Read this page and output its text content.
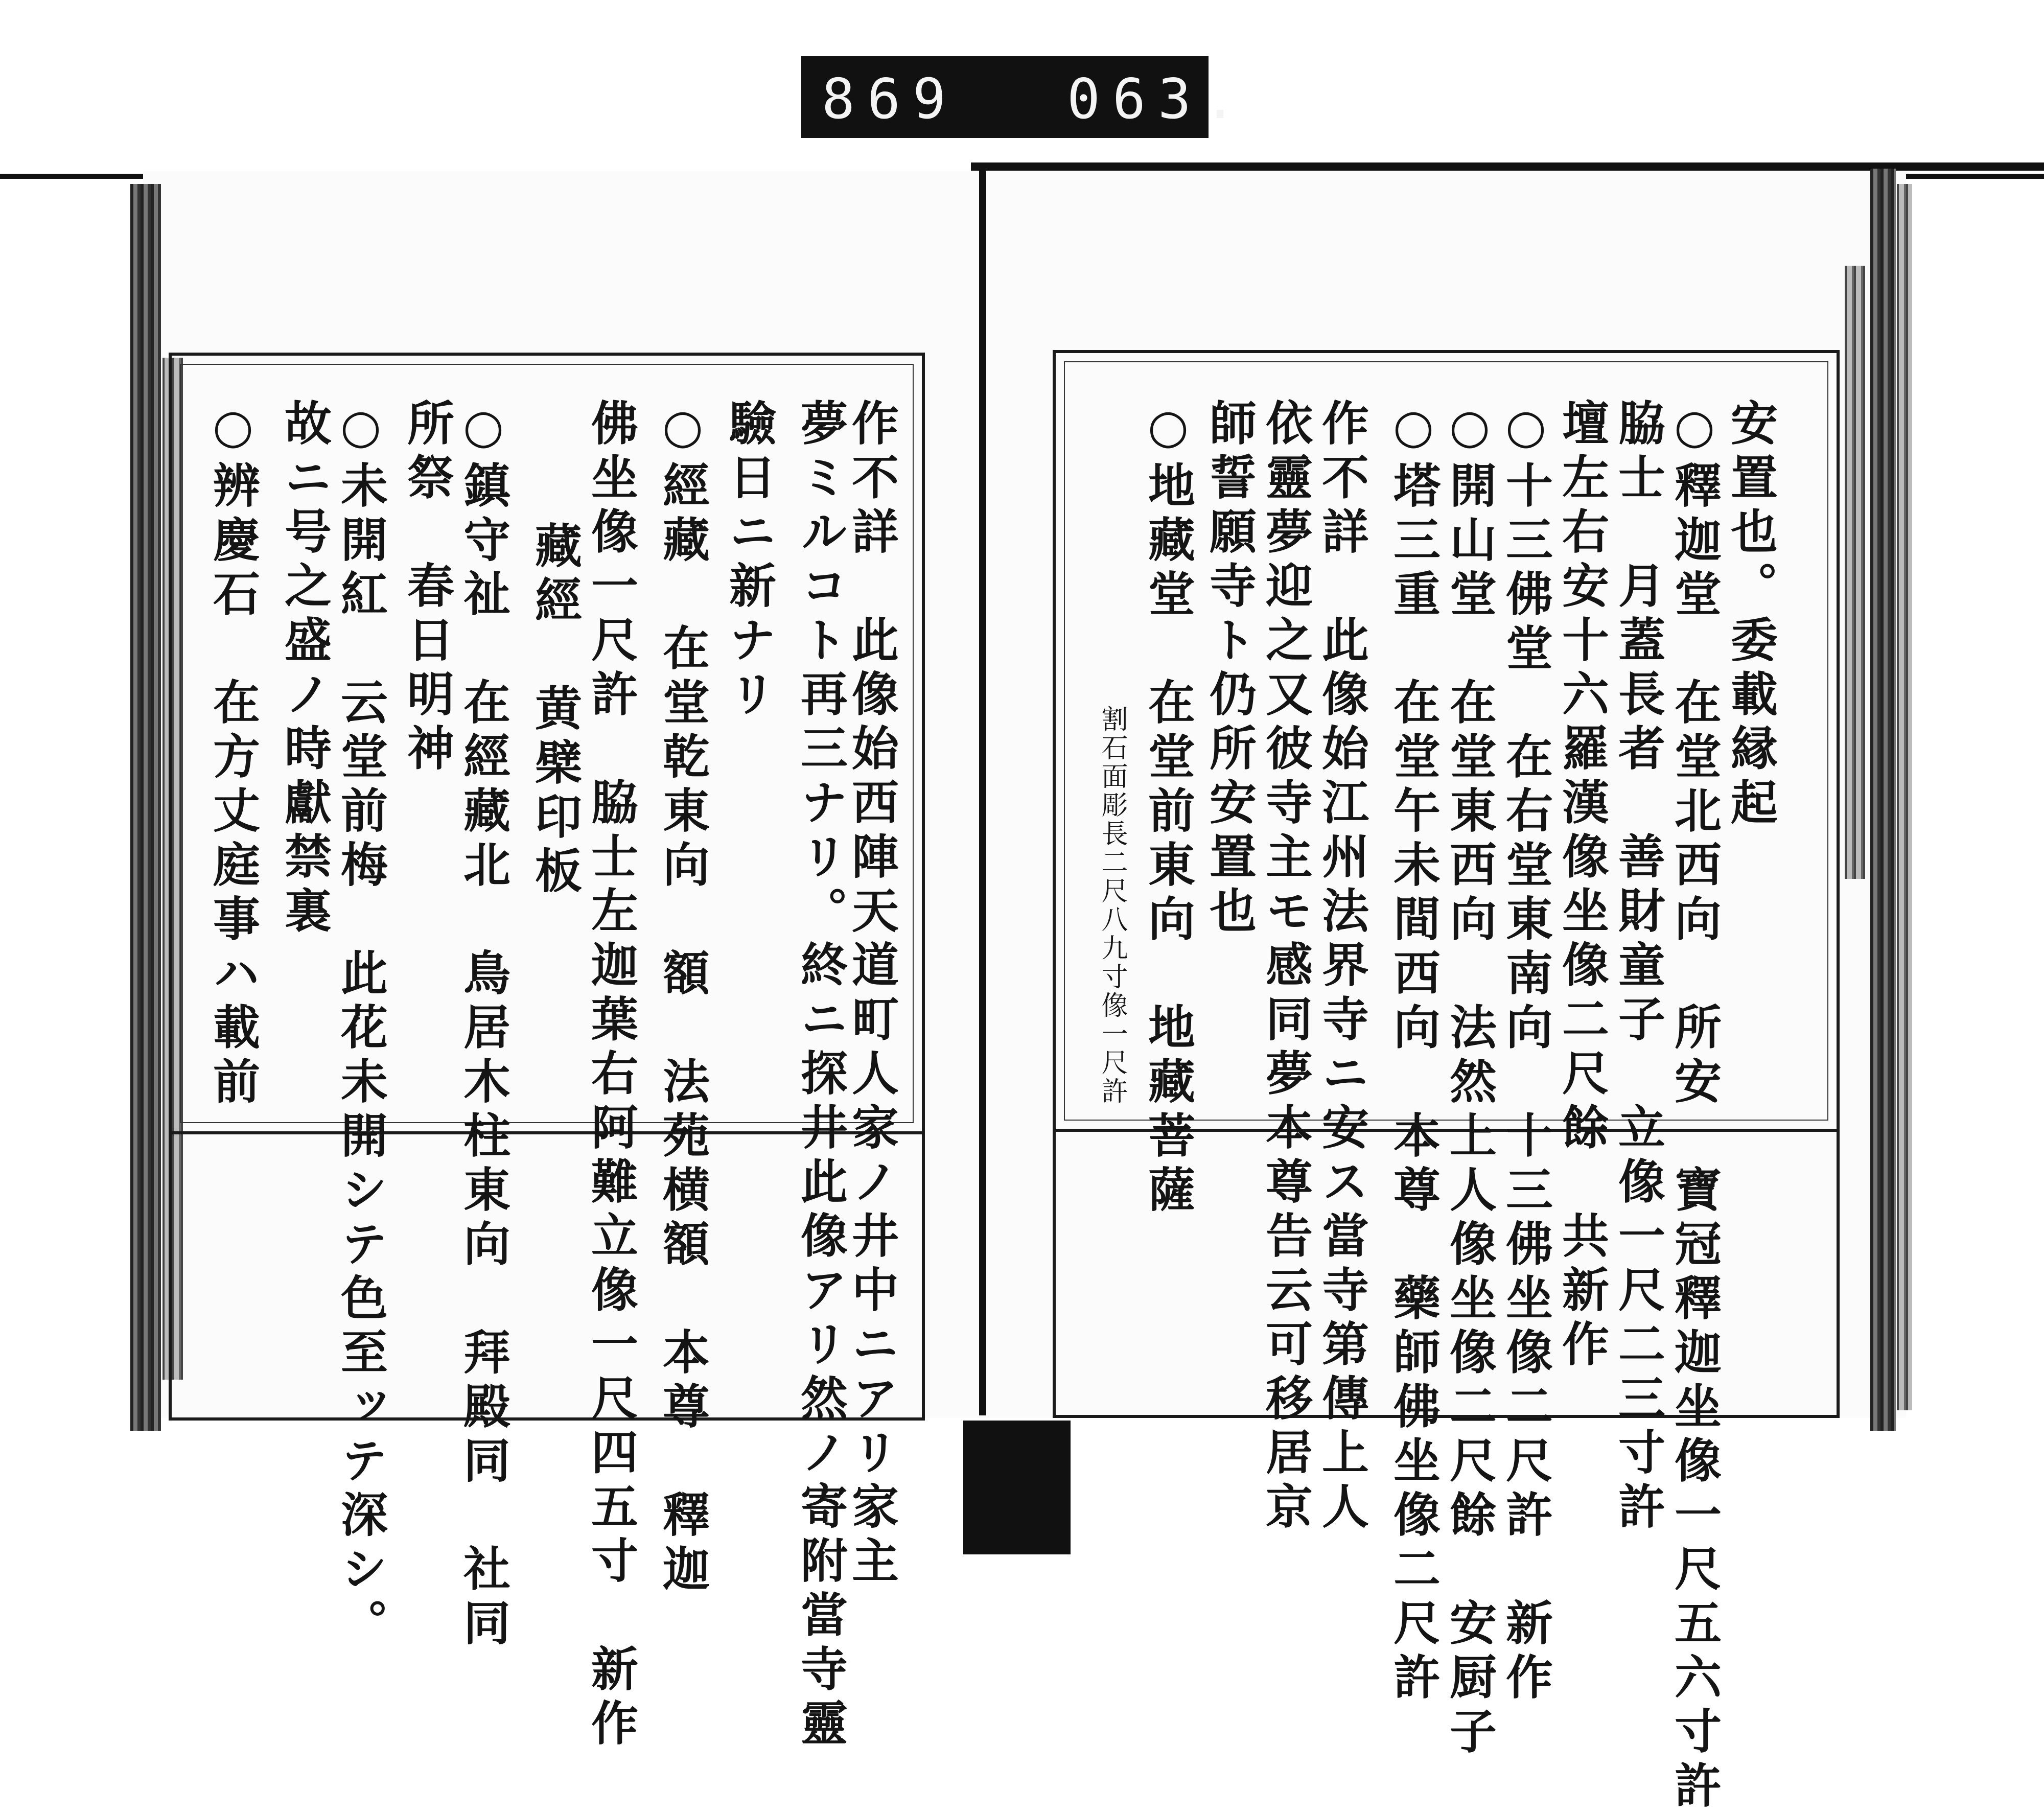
869 063.
安置也。委載縁起
○釋迦堂　在堂北西向　所安　寶冠釋迦坐像一尺五六寸許
脇士　月蓋長者　善財童子　立像一尺二三寸許
壇左右安十六羅漢像坐像二尺餘　共新作
○十三佛堂　在右堂東南向　十三佛坐像二尺許　新作
○開山堂　在堂東西向　法然上人像坐像二尺餘　安厨子
○塔三重　在堂午未間西向　本尊　藥師佛坐像二尺許
作不詳　此像始江州法界寺ニ安ス當寺第傳上人
依靈夢迎之又彼寺主モ感同夢本尊告云可移居京
師誓願寺ト仍所安置也
○地藏堂　在堂前東向　地藏菩薩
割石面彫長二尺八九寸像一尺許
作不詳　此像始西陣天道町人家ノ井中ニアリ家主
夢ミルコト再三ナリ。終ニ探井此像アリ然ノ寄附當寺靈
驗日ニ新ナリ
○經藏　在堂乾東向　額　法苑横額　本尊　釋迦
佛坐像一尺許　脇士左迦葉右阿難立像一尺四五寸　新作
藏經　黄檗印板
○鎮守祉　在經藏北　鳥居木柱東向　拜殿同　社同
所祭　春日明神
○未開紅　云堂前梅　此花未開シテ色至ッテ深シ。
故ニ号之盛ノ時獻禁裏
○辨慶石　在方丈庭事ハ載前
